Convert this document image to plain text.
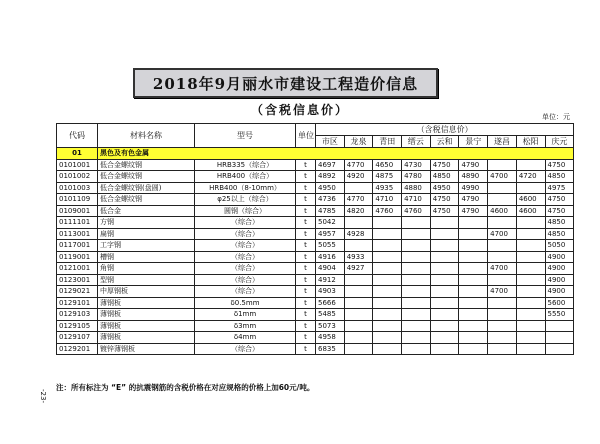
2018年9月丽水市建设工程造价信息
（含税信息价）	单位：元
代码	材料名称	型号	单位	（含税信息价）								
				市区	龙泉	青田	缙云	云和	景宁	遂昌	松阳	庆元
01	黑色及有色金属											
0101001	低合金螺纹钢	HRB335（综合）	t	4697	4770	4650	4730	4750	4790			4750
0101002	低合金螺纹钢	HRB400（综合）	t	4892	4920	4875	4780	4850	4890	4700	4720	4850
0101003	低合金螺纹钢(盘圆)	HRB400（8-10mm）	t	4950		4935	4880	4950	4990			4975
0101109	低合金螺纹钢	φ25以上（综合）	t	4736	4770	4710	4710	4750	4790		4600	4750
0109001	低合金	圆钢（综合）	t	4785	4820	4760	4760	4750	4790	4600	4600	4750
0111101	方钢	（综合）	t	5042								4850
0113001	扁钢	（综合）	t	4957	4928					4700		4850
0117001	工字钢	（综合）	t	5055								5050
0119001	槽钢	（综合）	t	4916	4933							4900
0121001	角钢	（综合）	t	4904	4927					4700		4900
0123001	型钢	（综合）	t	4912								4900
0129021	中厚钢板	（综合）	t	4903						4700		4900
0129101	薄钢板	δ0.5mm	t	5666								5600
0129103	薄钢板	δ1mm	t	5485								5550
0129105	薄钢板	δ3mm	t	5073								
0129107	薄钢板	δ4mm	t	4958								
0129201	镀锌薄钢板	（综合）	t	6835								
注：所有标注为 “E” 的抗震钢筋的含税价格在对应规格的价格上加60元/吨。
-23-
